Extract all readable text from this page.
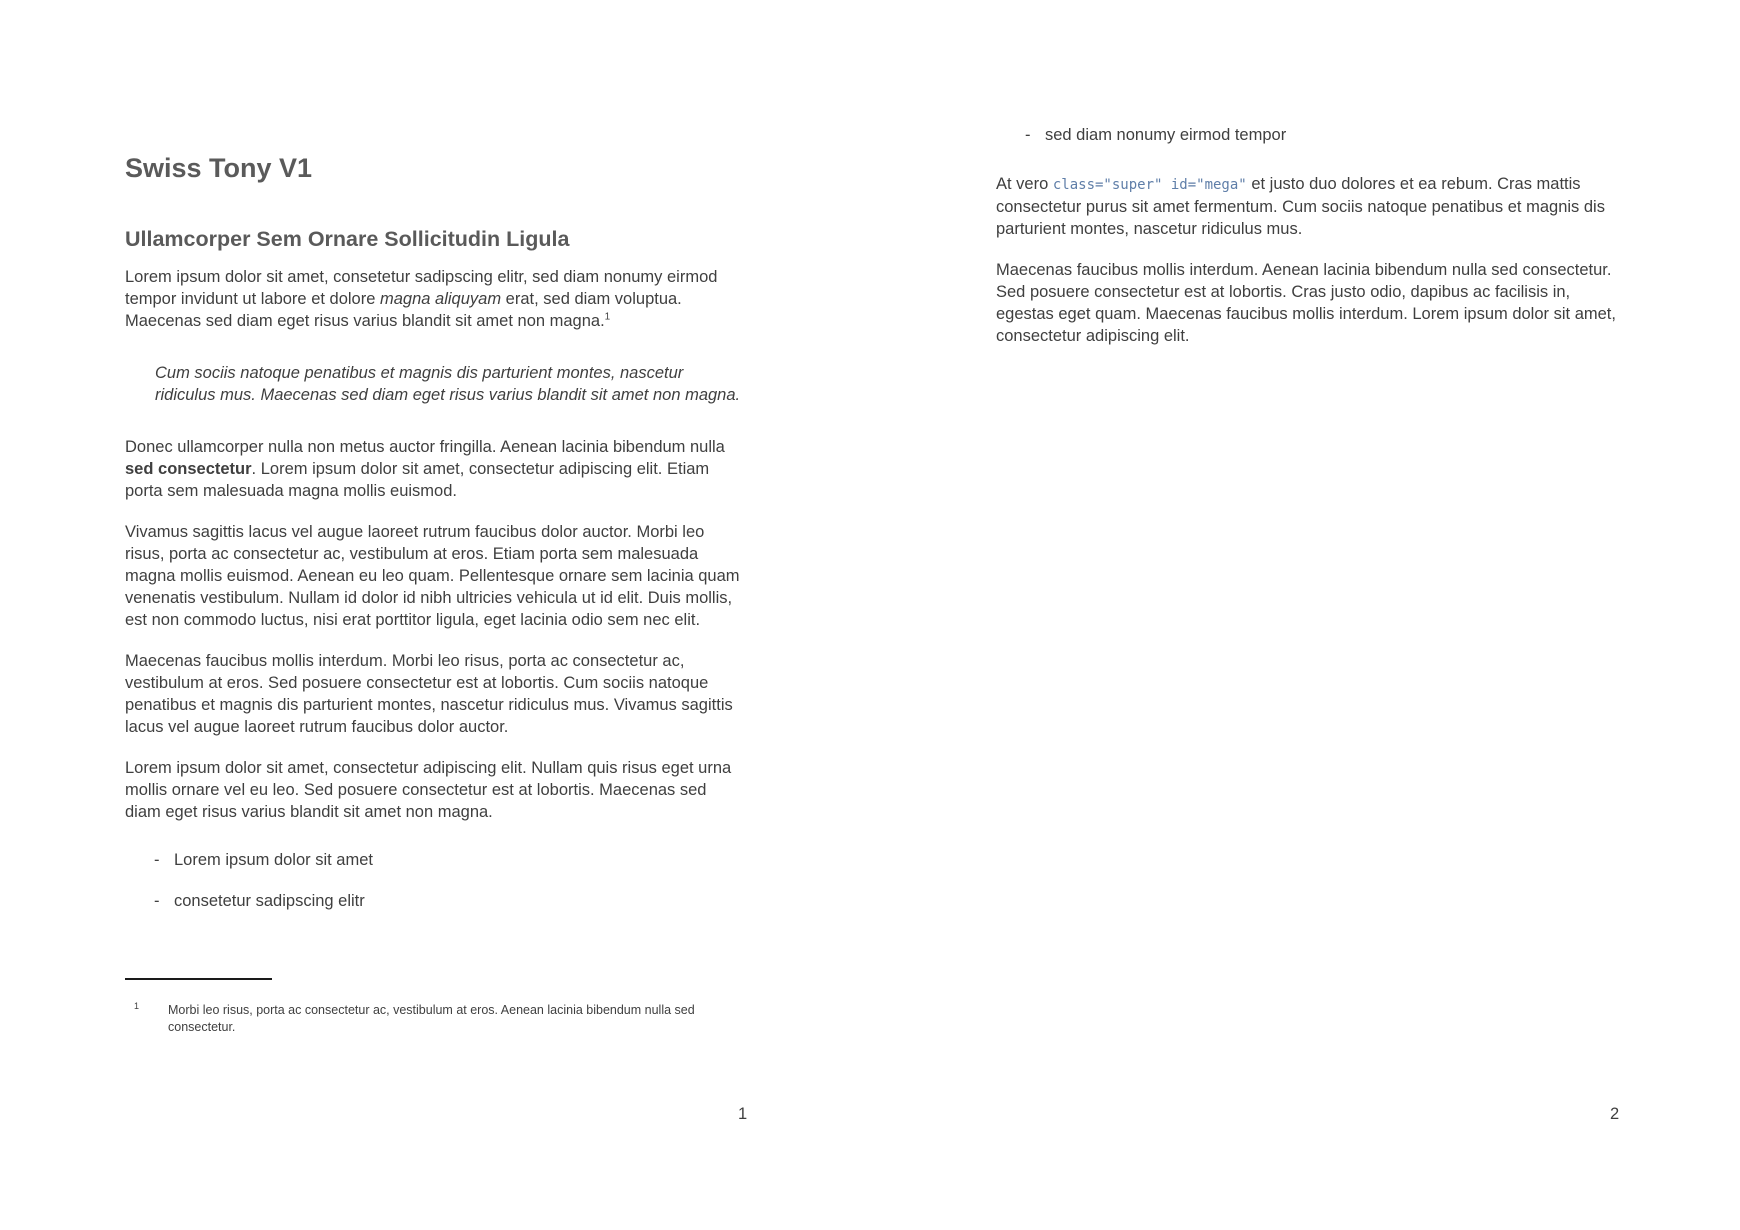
Swiss Tony V1
Ullamcorper Sem Ornare Sollicitudin Ligula

Lorem ipsum dolor sit amet, consetetur sadipscing elitr, sed diam nonumy eirmod tempor invidunt ut labore et dolore magna aliquyam erat, sed diam voluptua. Maecenas sed diam eget risus varius blandit sit amet non magna.$^1$

Cum sociis natoque penatibus et magnis dis parturient montes, nascetur ridiculus mus. Maecenas sed diam eget risus varius blandit sit amet non magna.

Donec ullamcorper nulla non metus auctor fringilla. Aenean lacinia bibendum nulla sed consectetur. Lorem ipsum dolor sit amet, consectetur adipiscing elit. Etiam porta sem malesuada magna mollis euismod.

Vivamus sagittis lacus vel augue laoreet rutrum faucibus dolor auctor. Morbi leo risus, porta ac consectetur ac, vestibulum at eros. Etiam porta sem malesuada magna mollis euismod. Aenean eu leo quam. Pellentesque ornare sem lacinia quam venenatis vestibulum. Nullam id dolor id nibh ultricies vehicula ut id elit. Duis mollis, est non commodo luctus, nisi erat porttitor ligula, eget lacinia odio sem nec elit.

Maecenas faucibus mollis interdum. Morbi leo risus, porta ac consectetur ac, vestibulum at eros. Sed posuere consectetur est at lobortis. Cum sociis natoque penatibus et magnis dis parturient montes, nascetur ridiculus mus. Vivamus sagittis lacus vel augue laoreet rutrum faucibus dolor auctor.

Lorem ipsum dolor sit amet, consectetur adipiscing elit. Nullam quis risus eget urna mollis ornare vel eu leo. Sed posuere consectetur est at lobortis. Maecenas sed diam eget risus varius blandit sit amet non magna.

- Lorem ipsum dolor sit amet
- consetetur sadipscing elitr
1	Morbi leo risus, porta ac consectetur ac, vestibulum at eros. Aenean lacinia bibendum nulla sed consectetur.
1
- sed diam nonumy eirmod tempor

At vero class="super" id="mega" et justo duo dolores et ea rebum. Cras mattis consectetur purus sit amet fermentum. Cum sociis natoque penatibus et magnis dis parturient montes, nascetur ridiculus mus.

Maecenas faucibus mollis interdum. Aenean lacinia bibendum nulla sed consectetur. Sed posuere consectetur est at lobortis. Cras justo odio, dapibus ac facilisis in, egestas eget quam. Maecenas faucibus mollis interdum. Lorem ipsum dolor sit amet, consectetur adipiscing elit.

2
